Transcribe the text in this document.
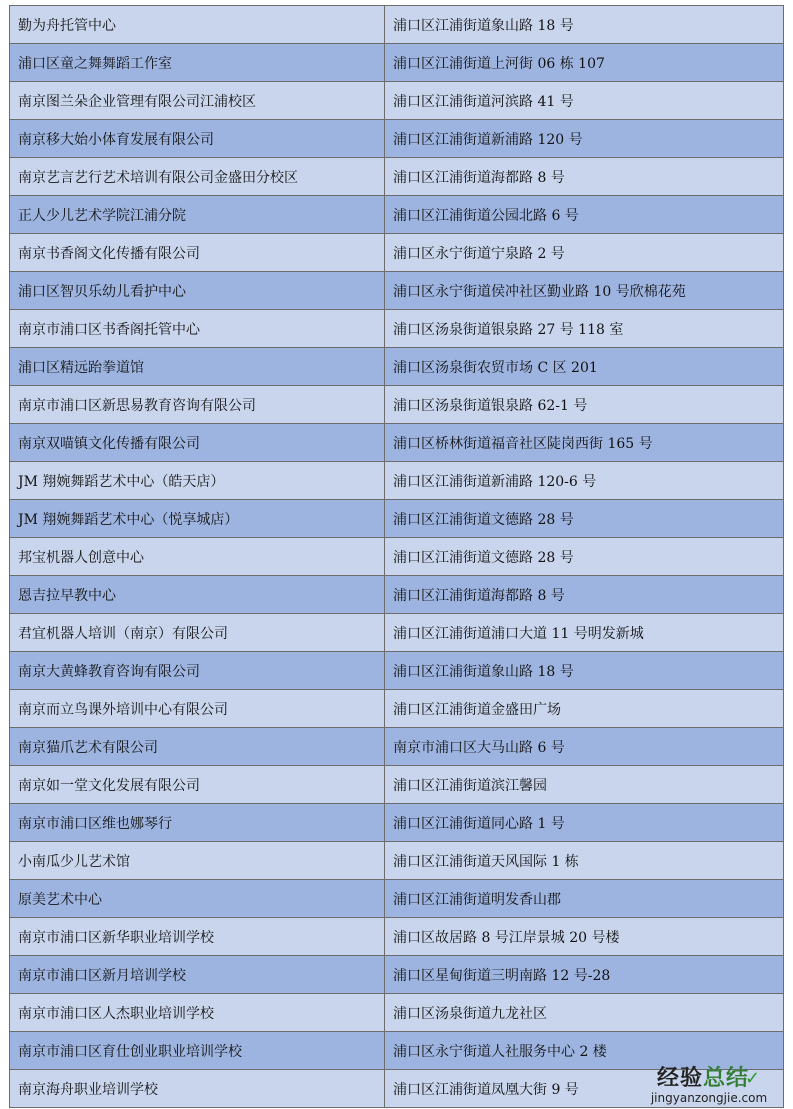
勤为舟托管中心	浦口区江浦街道象山路 18 号
浦口区童之舞舞蹈工作室	浦口区江浦街道上河街 06 栋 107
南京图兰朵企业管理有限公司江浦校区	浦口区江浦街道河滨路 41 号
南京移大始小体育发展有限公司	浦口区江浦街道新浦路 120 号
南京艺言艺行艺术培训有限公司金盛田分校区	浦口区江浦街道海都路 8 号
正人少儿艺术学院江浦分院	浦口区江浦街道公园北路 6 号
南京书香阁文化传播有限公司	浦口区永宁街道宁泉路 2 号
浦口区智贝乐幼儿看护中心	浦口区永宁街道侯冲社区勤业路 10 号欣棉花苑
南京市浦口区书香阁托管中心	浦口区汤泉街道银泉路 27 号 118 室
浦口区精远跆拳道馆	浦口区汤泉街农贸市场 C 区 201
南京市浦口区新思易教育咨询有限公司	浦口区汤泉街道银泉路 62-1 号
南京双喵镇文化传播有限公司	浦口区桥林街道福音社区陡岗西街 165 号
JM 翔婉舞蹈艺术中心（皓天店）	浦口区江浦街道新浦路 120-6 号
JM 翔婉舞蹈艺术中心（悦享城店）	浦口区江浦街道文德路 28 号
邦宝机器人创意中心	浦口区江浦街道文德路 28 号
恩吉拉早教中心	浦口区江浦街道海都路 8 号
君宜机器人培训（南京）有限公司	浦口区江浦街道浦口大道 11 号明发新城
南京大黄蜂教育咨询有限公司	浦口区江浦街道象山路 18 号
南京而立鸟课外培训中心有限公司	浦口区江浦街道金盛田广场
南京猫爪艺术有限公司	南京市浦口区大马山路 6 号
南京如一堂文化发展有限公司	浦口区江浦街道滨江馨园
南京市浦口区维也娜琴行	浦口区江浦街道同心路 1 号
小南瓜少儿艺术馆	浦口区江浦街道天风国际 1 栋
原美艺术中心	浦口区江浦街道明发香山郡
南京市浦口区新华职业培训学校	浦口区故居路 8 号江岸景城 20 号楼
南京市浦口区新月培训学校	浦口区星甸街道三明南路 12 号-28
南京市浦口区人杰职业培训学校	浦口区汤泉街道九龙社区
南京市浦口区育仕创业职业培训学校	浦口区永宁街道人社服务中心 2 楼
南京海舟职业培训学校	浦口区江浦街道凤凰大街 9 号	经验总结✓
jingyanzongjie.com
